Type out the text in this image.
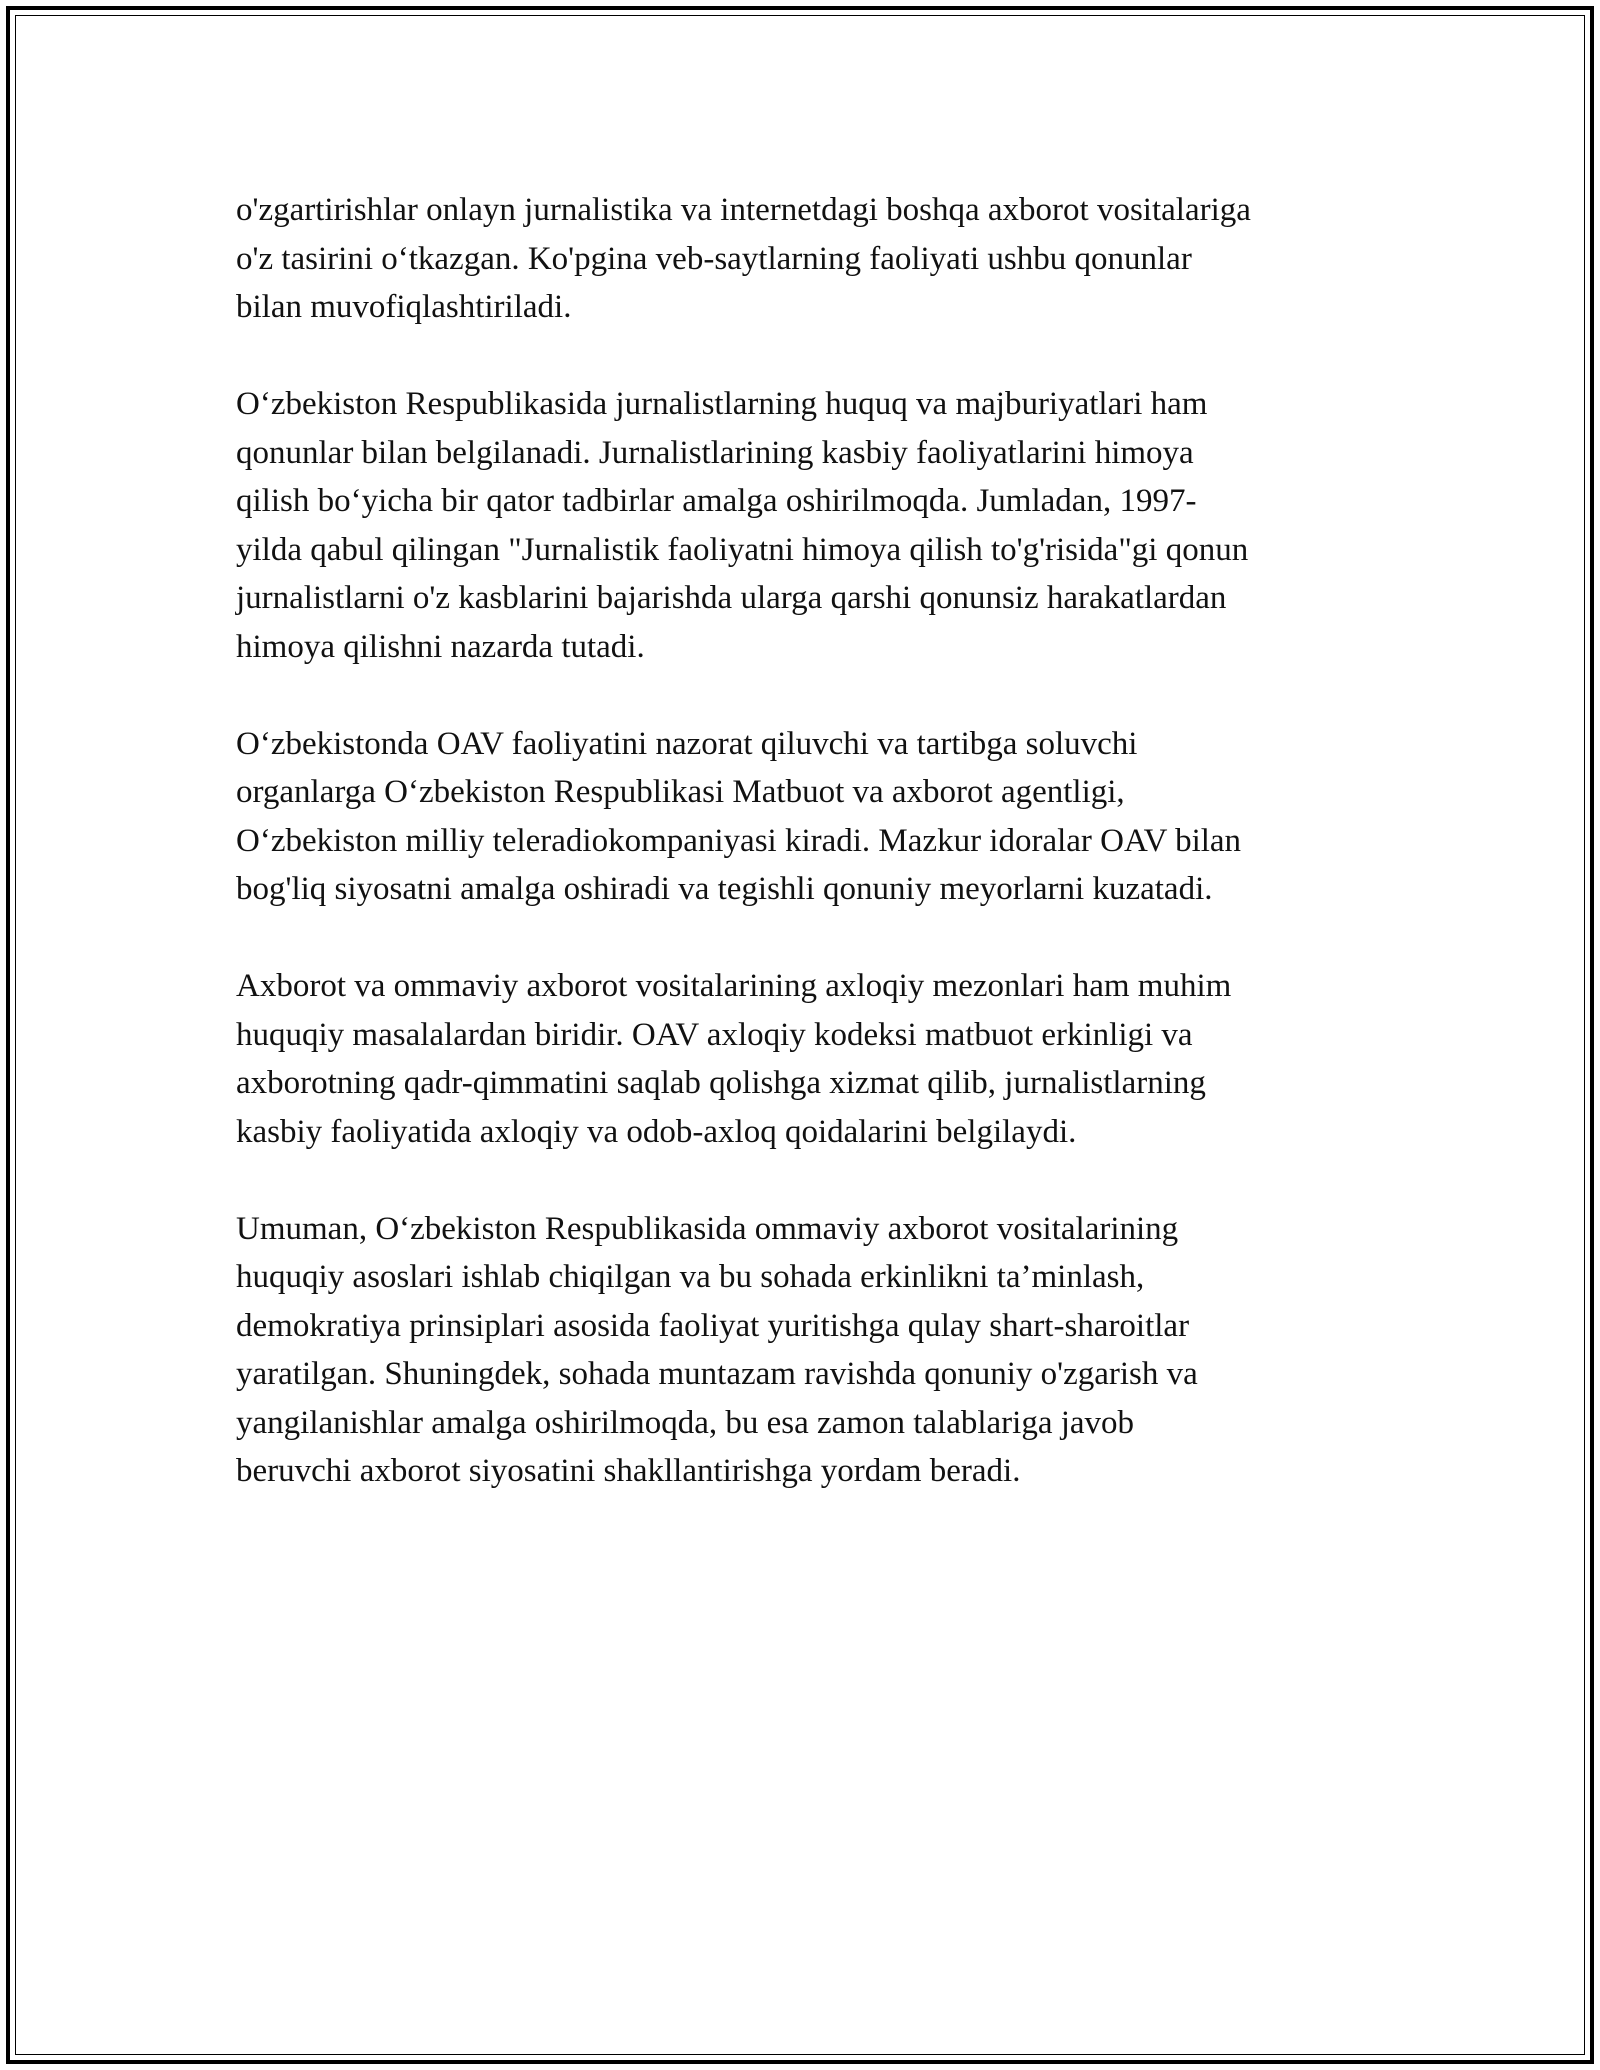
o'zgartirishlar onlayn jurnalistika va internetdagi boshqa axborot vositalariga
o'z tasirini o‘tkazgan. Ko'pgina veb-saytlarning faoliyati ushbu qonunlar
bilan muvofiqlashtiriladi.

O‘zbekiston Respublikasida jurnalistlarning huquq va majburiyatlari ham
qonunlar bilan belgilanadi. Jurnalistlarining kasbiy faoliyatlarini himoya
qilish bo‘yicha bir qator tadbirlar amalga oshirilmoqda. Jumladan, 1997-
yilda qabul qilingan "Jurnalistik faoliyatni himoya qilish to'g'risida"gi qonun
jurnalistlarni o'z kasblarini bajarishda ularga qarshi qonunsiz harakatlardan
himoya qilishni nazarda tutadi.

O‘zbekistonda OAV faoliyatini nazorat qiluvchi va tartibga soluvchi
organlarga O‘zbekiston Respublikasi Matbuot va axborot agentligi,
O‘zbekiston milliy teleradiokompaniyasi kiradi. Mazkur idoralar OAV bilan
bog'liq siyosatni amalga oshiradi va tegishli qonuniy meyorlarni kuzatadi.

Axborot va ommaviy axborot vositalarining axloqiy mezonlari ham muhim
huquqiy masalalardan biridir. OAV axloqiy kodeksi matbuot erkinligi va
axborotning qadr-qimmatini saqlab qolishga xizmat qilib, jurnalistlarning
kasbiy faoliyatida axloqiy va odob-axloq qoidalarini belgilaydi.

Umuman, O‘zbekiston Respublikasida ommaviy axborot vositalarining
huquqiy asoslari ishlab chiqilgan va bu sohada erkinlikni ta’minlash,
demokratiya prinsiplari asosida faoliyat yuritishga qulay shart-sharoitlar
yaratilgan. Shuningdek, sohada muntazam ravishda qonuniy o'zgarish va
yangilanishlar amalga oshirilmoqda, bu esa zamon talablariga javob
beruvchi axborot siyosatini shakllantirishga yordam beradi.
